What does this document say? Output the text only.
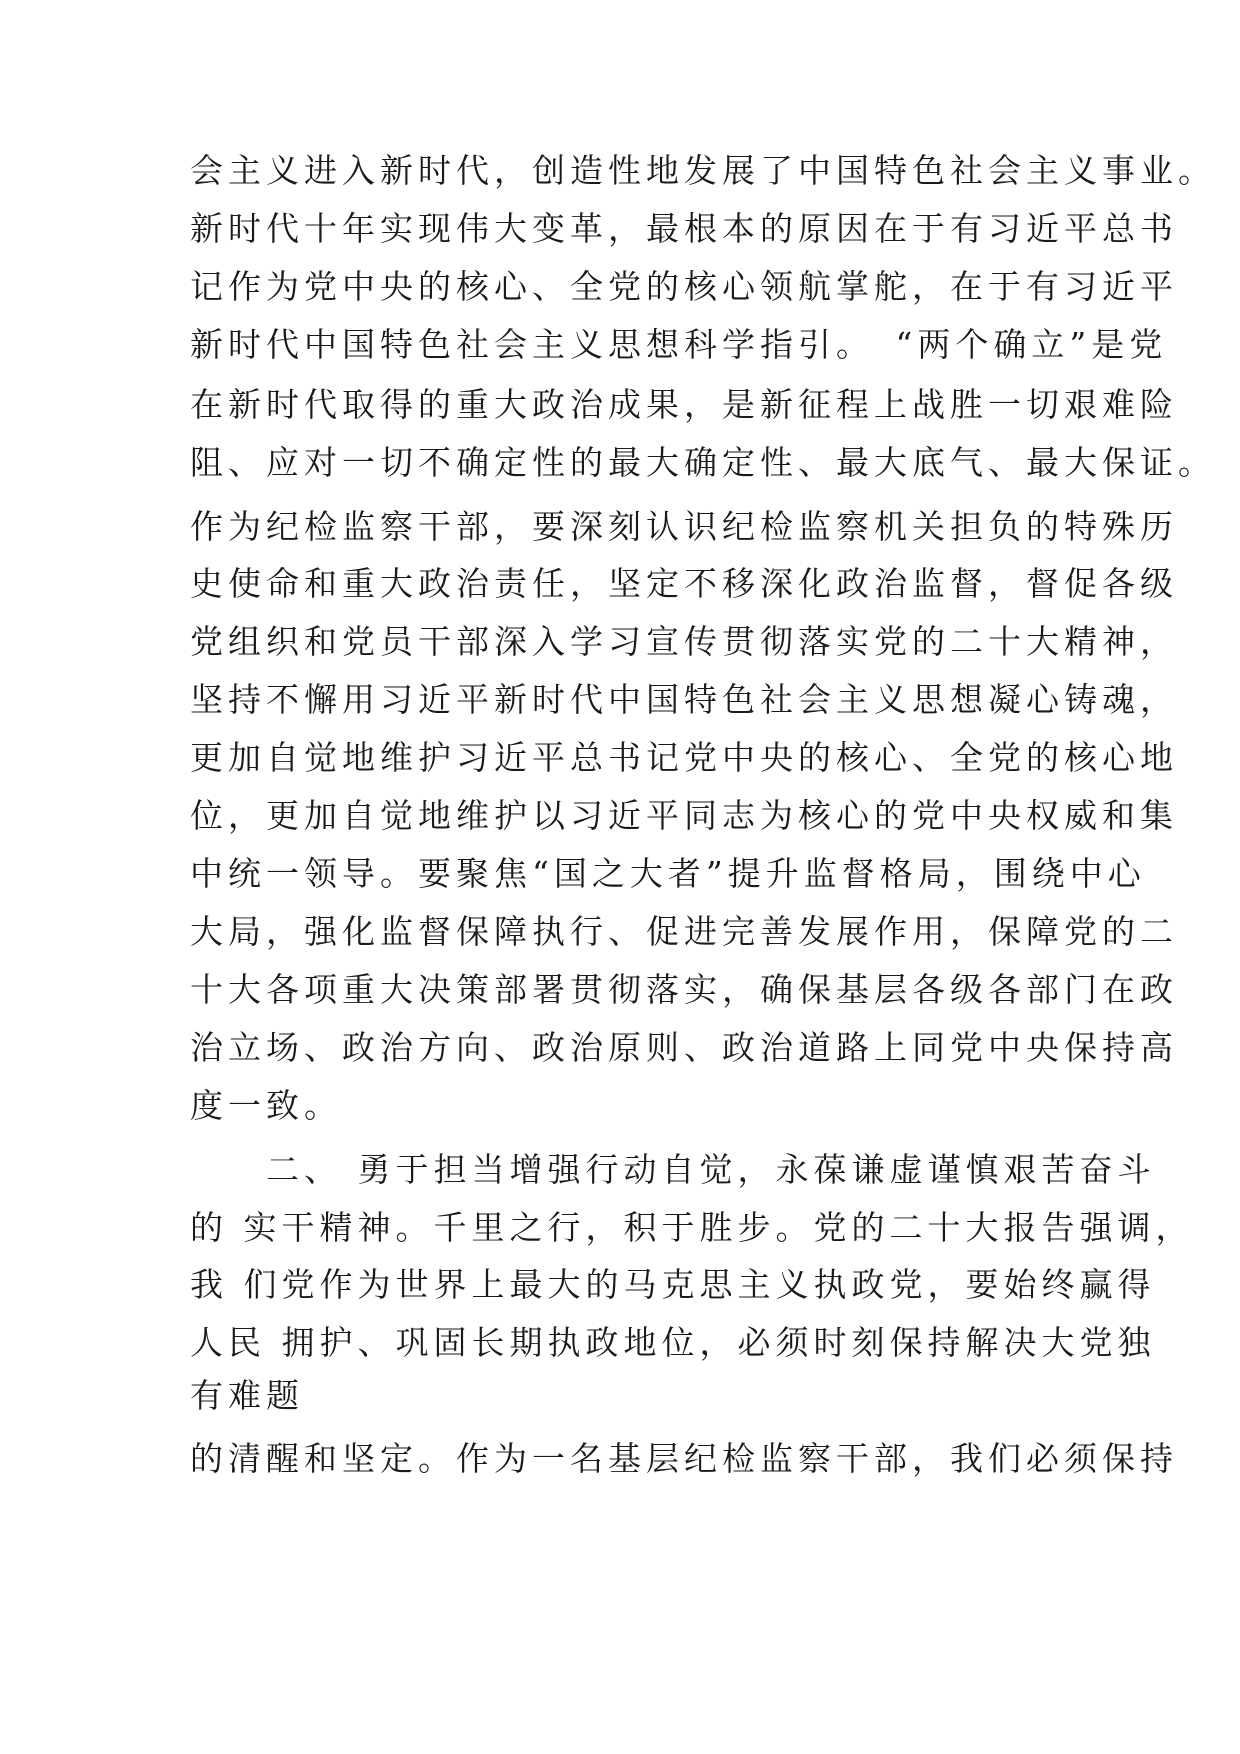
会主义进入新时代，创造性地发展了中国特色社会主义事业。
新时代十年实现伟大变革，最根本的原因在于有习近平总书
记作为党中央的核心、全党的核心领航掌舵，在于有习近平
新时代中国特色社会主义思想科学指引。　“两个确立”是党
在新时代取得的重大政治成果，是新征程上战胜一切艰难险
阻、应对一切不确定性的最大确定性、最大底气、最大保证。
作为纪检监察干部，要深刻认识纪检监察机关担负的特殊历
史使命和重大政治责任，坚定不移深化政治监督，督促各级
党组织和党员干部深入学习宣传贯彻落实党的二十大精神，
坚持不懈用习近平新时代中国特色社会主义思想凝心铸魂，
更加自觉地维护习近平总书记党中央的核心、全党的核心地
位，更加自觉地维护以习近平同志为核心的党中央权威和集
中统一领导。要聚焦“国之大者”提升监督格局，围绕中心
大局，强化监督保障执行、促进完善发展作用，保障党的二
十大各项重大决策部署贯彻落实，确保基层各级各部门在政
治立场、政治方向、政治原则、政治道路上同党中央保持高
度一致。
　　二、 勇于担当增强行动自觉，永葆谦虚谨慎艰苦奋斗
的 实干精神。千里之行，积于胜步。党的二十大报告强调，
我 们党作为世界上最大的马克思主义执政党，要始终赢得
人民 拥护、巩固长期执政地位，必须时刻保持解决大党独
有难题
的清醒和坚定。作为一名基层纪检监察干部，我们必须保持
